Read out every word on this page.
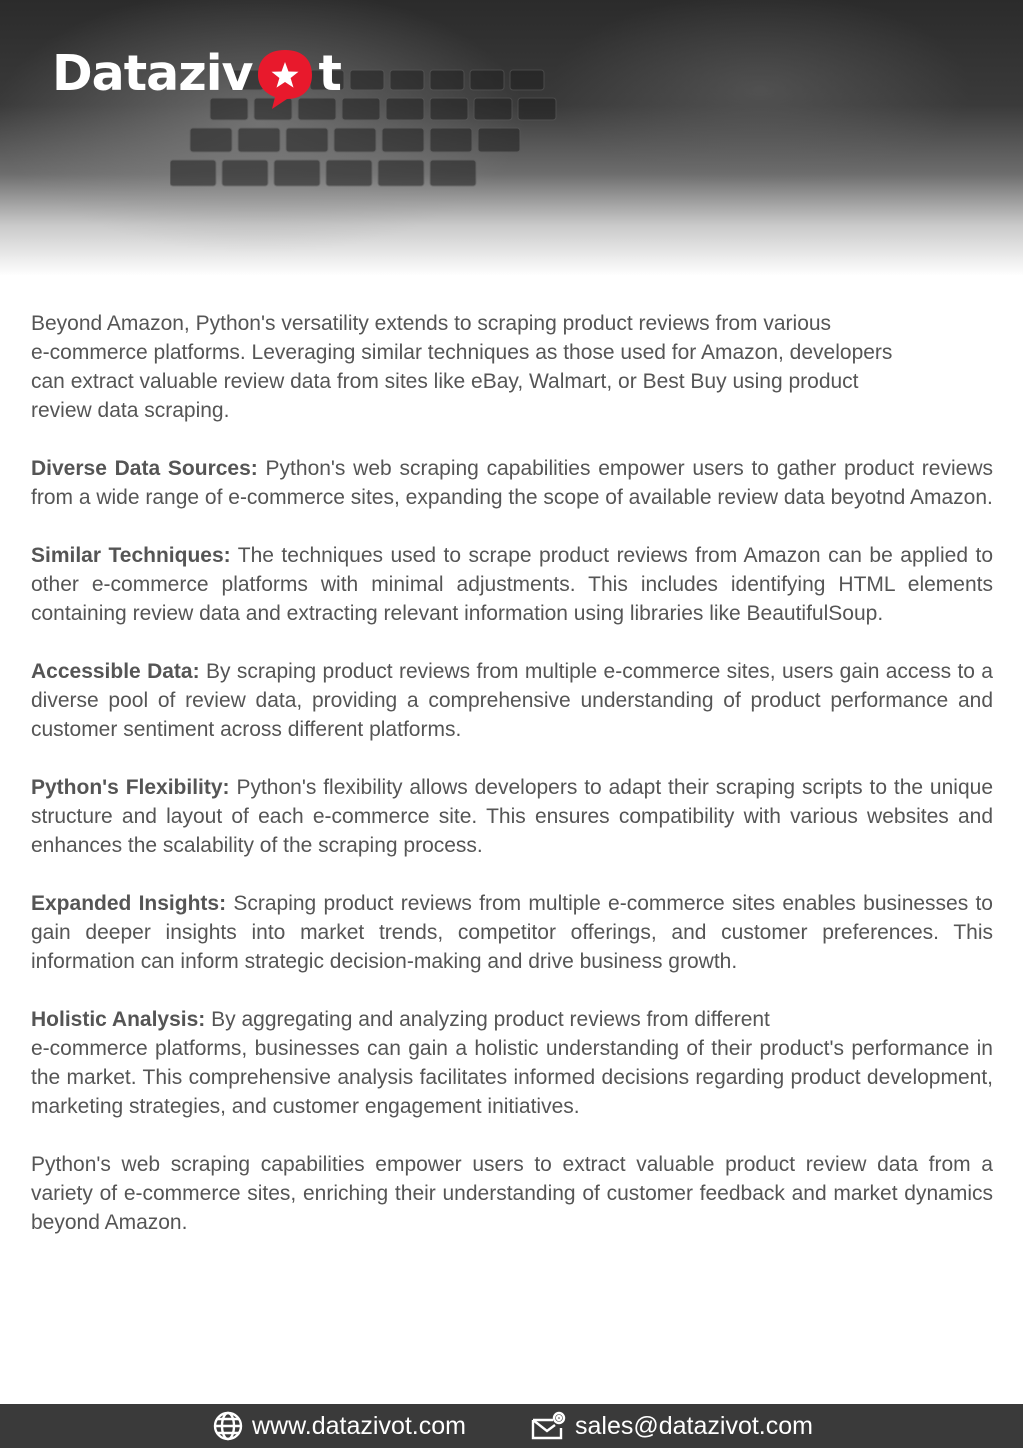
Dataziv t

Beyond Amazon, Python's versatility extends to scraping product reviews from various
e-commerce platforms. Leveraging similar techniques as those used for Amazon, developers
can extract valuable review data from sites like eBay, Walmart, or Best Buy using product
review data scraping.

Diverse Data Sources: Python's web scraping capabilities empower users to gather product reviews from a wide range of e-commerce sites, expanding the scope of available review data beyotnd Amazon.

Similar Techniques: The techniques used to scrape product reviews from Amazon can be applied to other e-commerce platforms with minimal adjustments. This includes identifying HTML elements containing review data and extracting relevant information using libraries like BeautifulSoup.

Accessible Data: By scraping product reviews from multiple e-commerce sites, users gain access to a diverse pool of review data, providing a comprehensive understanding of product performance and customer sentiment across different platforms.

Python's Flexibility: Python's flexibility allows developers to adapt their scraping scripts to the unique structure and layout of each e-commerce site. This ensures compatibility with various websites and enhances the scalability of the scraping process.

Expanded Insights: Scraping product reviews from multiple e-commerce sites enables businesses to gain deeper insights into market trends, competitor offerings, and customer preferences. This information can inform strategic decision-making and drive business growth.

Holistic Analysis: By aggregating and analyzing product reviews from different
e-commerce platforms, businesses can gain a holistic understanding of their product's performance in the market. This comprehensive analysis facilitates informed decisions regarding product development, marketing strategies, and customer engagement initiatives.

Python's web scraping capabilities empower users to extract valuable product review data from a variety of e-commerce sites, enriching their understanding of customer feedback and market dynamics beyond Amazon.

www.datazivot.com	sales@datazivot.com
